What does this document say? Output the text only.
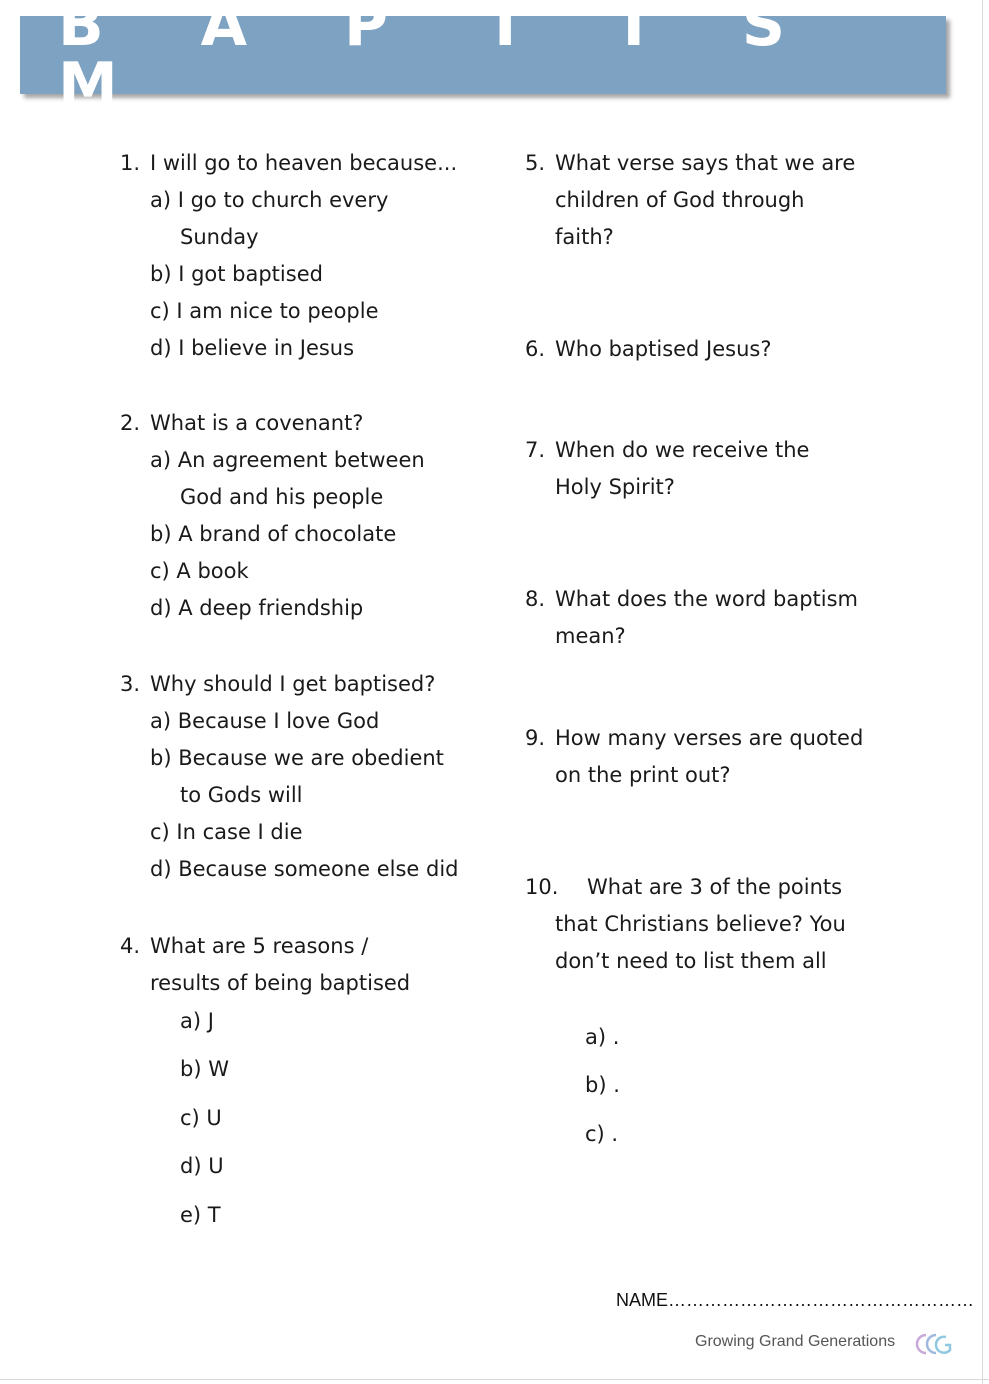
B A P T I S M
1. I will go to heaven because...
a) I go to church every
Sunday
b) I got baptised
c) I am nice to people
d) I believe in Jesus
2. What is a covenant?
a) An agreement between
God and his people
b) A brand of chocolate
c) A book
d) A deep friendship
3. Why should I get baptised?
a) Because I love God
b) Because we are obedient
to Gods will
c) In case I die
d) Because someone else did
4. What are 5 reasons /
results of being baptised
a) J
b) W
c) U
d) U
e) T
5. What verse says that we are
children of God through
faith?
6. Who baptised Jesus?
7. When do we receive the
Holy Spirit?
8. What does the word baptism
mean?
9. How many verses are quoted
on the print out?
10. What are 3 of the points
that Christians believe? You
don’t need to list them all
a) .
b) .
c) .
NAME……………………………………………
Growing Grand Generations
